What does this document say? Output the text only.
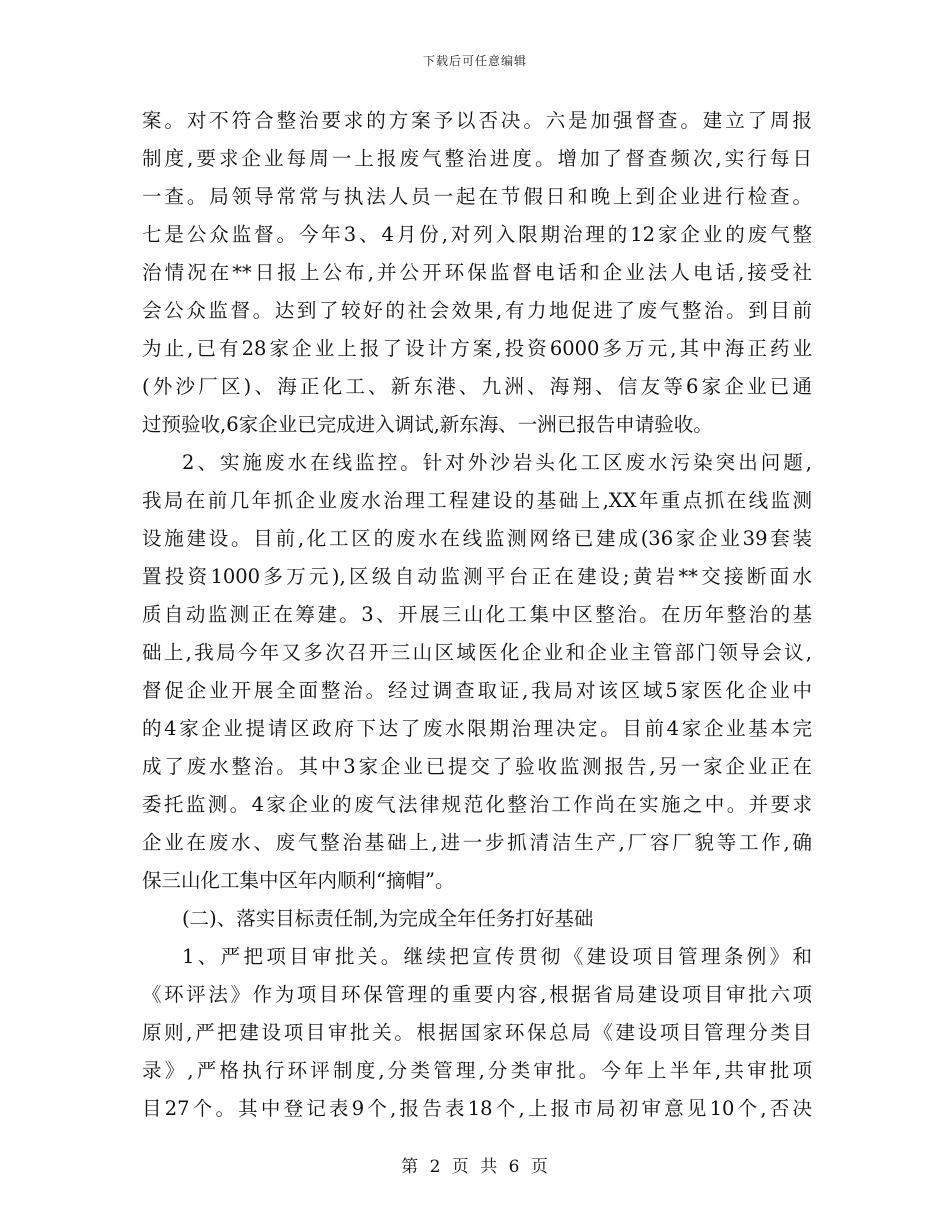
下载后可任意编辑
案。对不符合整治要求的方案予以否决。六是加强督查。建立了周报
制度,要求企业每周一上报废气整治进度。增加了督查频次,实行每日
一查。局领导常常与执法人员一起在节假日和晚上到企业进行检查。
七是公众监督。今年3、4月份,对列入限期治理的12家企业的废气整
治情况在**日报上公布,并公开环保监督电话和企业法人电话,接受社
会公众监督。达到了较好的社会效果,有力地促进了废气整治。到目前
为止,已有28家企业上报了设计方案,投资6000多万元,其中海正药业
(外沙厂区)、海正化工、新东港、九洲、海翔、信友等6家企业已通
过预验收,6家企业已完成进入调试,新东海、一洲已报告申请验收。
2、实施废水在线监控。针对外沙岩头化工区废水污染突出问题,
我局在前几年抓企业废水治理工程建设的基础上,XX年重点抓在线监测
设施建设。目前,化工区的废水在线监测网络已建成(36家企业39套装
置投资1000多万元),区级自动监测平台正在建设;黄岩**交接断面水
质自动监测正在筹建。3、开展三山化工集中区整治。在历年整治的基
础上,我局今年又多次召开三山区域医化企业和企业主管部门领导会议,
督促企业开展全面整治。经过调查取证,我局对该区域5家医化企业中
的4家企业提请区政府下达了废水限期治理决定。目前4家企业基本完
成了废水整治。其中3家企业已提交了验收监测报告,另一家企业正在
委托监测。4家企业的废气法律规范化整治工作尚在实施之中。并要求
企业在废水、废气整治基础上,进一步抓清洁生产,厂容厂貌等工作,确
保三山化工集中区年内顺利“摘帽”。
(二)、落实目标责任制,为完成全年任务打好基础
1、严把项目审批关。继续把宣传贯彻《建设项目管理条例》和
《环评法》作为项目环保管理的重要内容,根据省局建设项目审批六项
原则,严把建设项目审批关。根据国家环保总局《建设项目管理分类目
录》,严格执行环评制度,分类管理,分类审批。今年上半年,共审批项
目27个。其中登记表9个,报告表18个,上报市局初审意见10个,否决
第 2 页 共 6 页
